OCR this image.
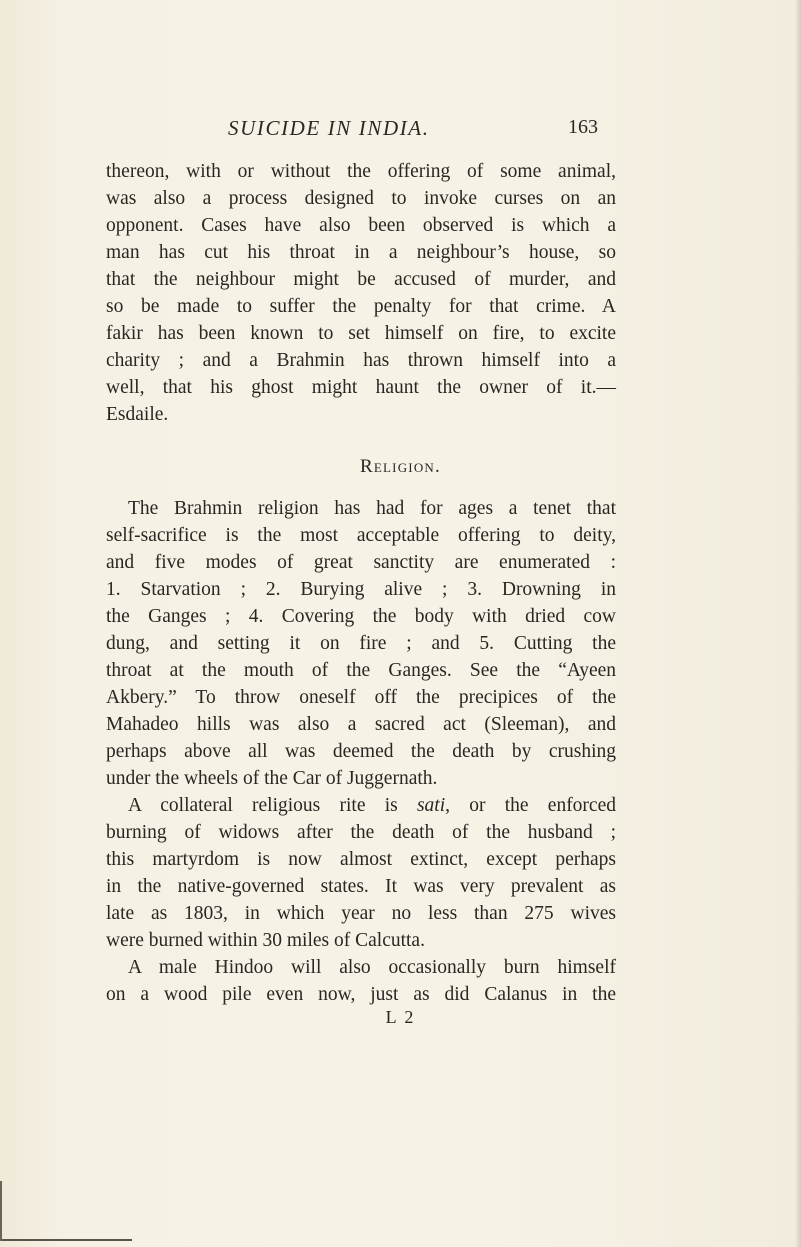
SUICIDE IN INDIA.	163
thereon, with or without the offering of some animal,
was also a process designed to invoke curses on an
opponent. Cases have also been observed is which a
man has cut his throat in a neighbour’s house, so
that the neighbour might be accused of murder, and
so be made to suffer the penalty for that crime. A
fakir has been known to set himself on fire, to excite
charity ; and a Brahmin has thrown himself into a
well, that his ghost might haunt the owner of it.—
Esdaile.
Religion.
The Brahmin religion has had for ages a tenet that
self-sacrifice is the most acceptable offering to deity,
and five modes of great sanctity are enumerated :
1. Starvation ; 2. Burying alive ; 3. Drowning in
the Ganges ; 4. Covering the body with dried cow
dung, and setting it on fire ; and 5. Cutting the
throat at the mouth of the Ganges. See the “Ayeen
Akbery.” To throw oneself off the precipices of the
Mahadeo hills was also a sacred act (Sleeman), and
perhaps above all was deemed the death by crushing
under the wheels of the Car of Juggernath.
A collateral religious rite is sati, or the enforced
burning of widows after the death of the husband ;
this martyrdom is now almost extinct, except perhaps
in the native-governed states. It was very prevalent as
late as 1803, in which year no less than 275 wives
were burned within 30 miles of Calcutta.
A male Hindoo will also occasionally burn himself
on a wood pile even now, just as did Calanus in the
L 2
